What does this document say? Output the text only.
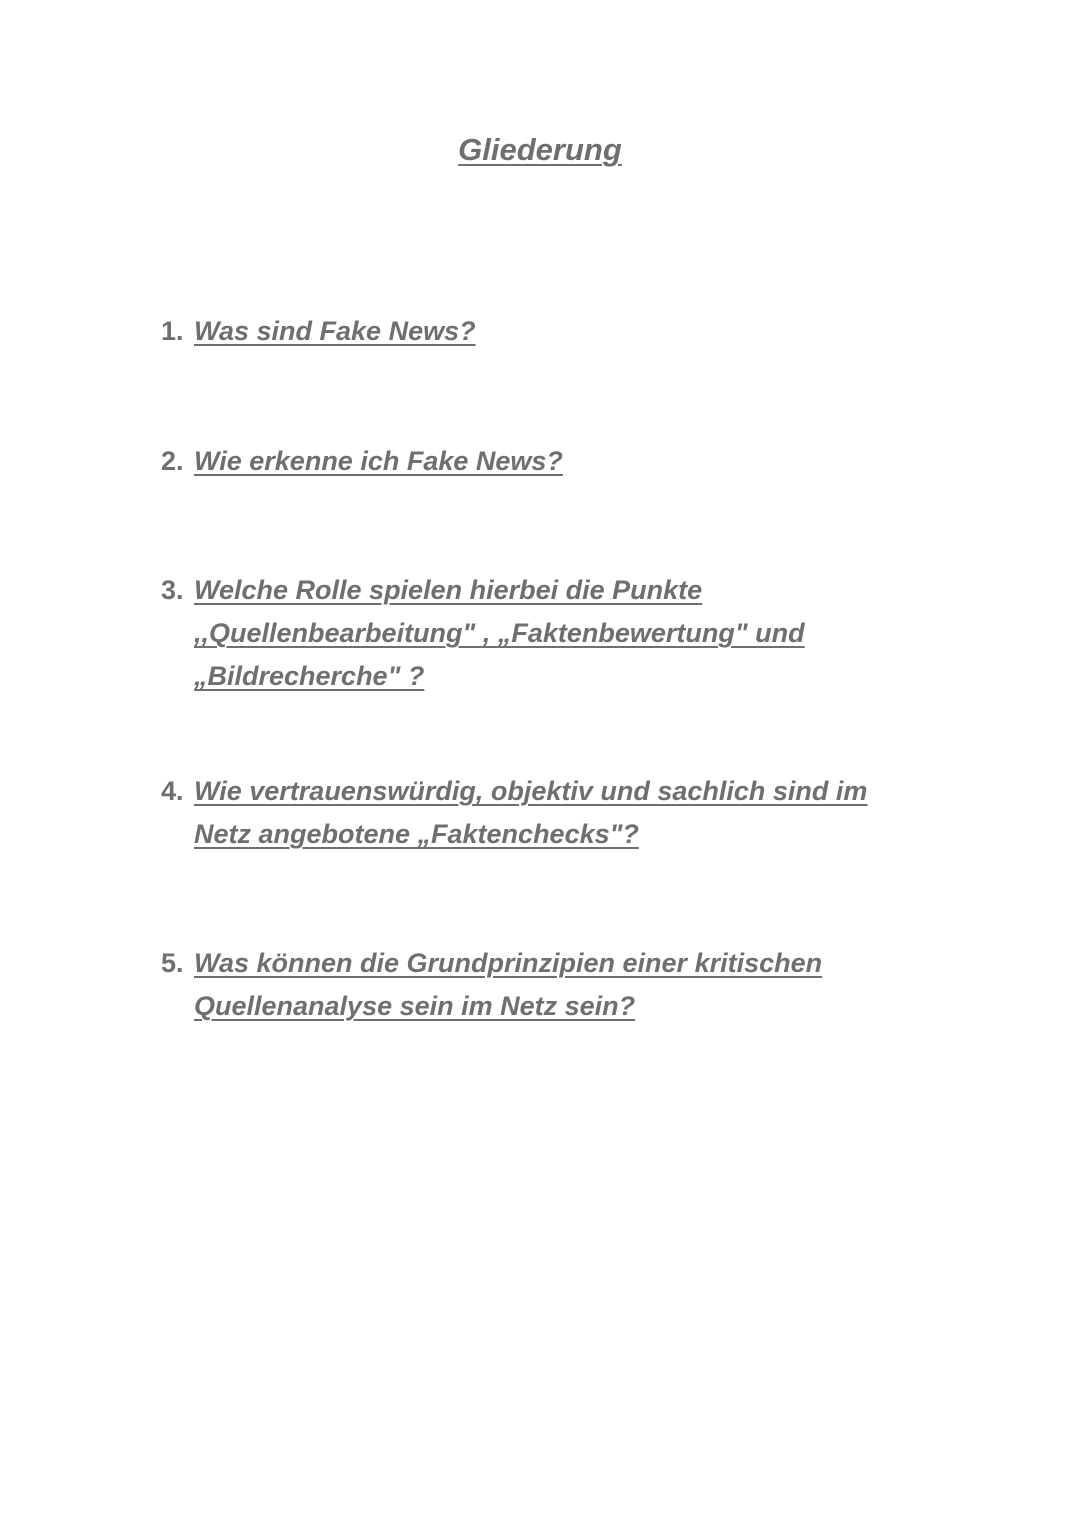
Gliederung
1. Was sind Fake News?
2. Wie erkenne ich Fake News?
3. Welche Rolle spielen hierbei die Punkte
,,Quellenbearbeitung" , „Faktenbewertung" und
„Bildrecherche" ?
4. Wie vertrauenswürdig, objektiv und sachlich sind im
Netz angebotene „Faktenchecks"?
5. Was können die Grundprinzipien einer kritischen
Quellenanalyse sein im Netz sein?
